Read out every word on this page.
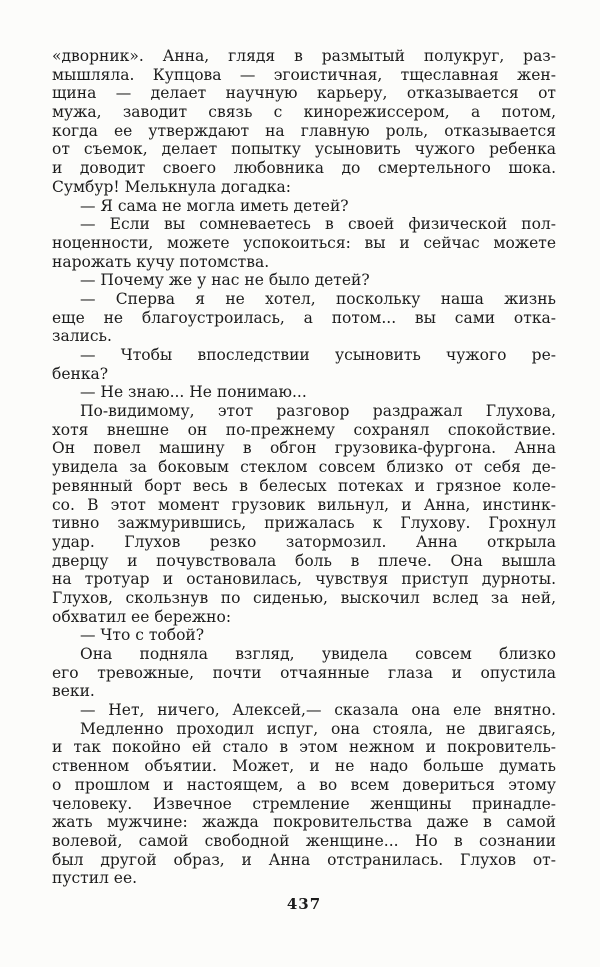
«дворник». Анна, глядя в размытый полукруг, раз-
мышляла. Купцова — эгоистичная, тщеславная жен-
щина — делает научную карьеру, отказывается от
мужа, заводит связь с кинорежиссером, а потом,
когда ее утверждают на главную роль, отказывается
от съемок, делает попытку усыновить чужого ребенка
и доводит своего любовника до смертельного шока.
Сумбур! Мелькнула догадка:
— Я сама не могла иметь детей?
— Если вы сомневаетесь в своей физической пол-
ноценности, можете успокоиться: вы и сейчас можете
нарожать кучу потомства.
— Почему же у нас не было детей?
— Сперва я не хотел, поскольку наша жизнь
еще не благоустроилась, а потом... вы сами отка-
зались.
— Чтобы впоследствии усыновить чужого ре-
бенка?
— Не знаю... Не понимаю...
По-видимому, этот разговор раздражал Глухова,
хотя внешне он по-прежнему сохранял спокойствие.
Он повел машину в обгон грузовика-фургона. Анна
увидела за боковым стеклом совсем близко от себя де-
ревянный борт весь в белесых потеках и грязное коле-
со. В этот момент грузовик вильнул, и Анна, инстинк-
тивно зажмурившись, прижалась к Глухову. Грохнул
удар. Глухов резко затормозил. Анна открыла
дверцу и почувствовала боль в плече. Она вышла
на тротуар и остановилась, чувствуя приступ дурноты.
Глухов, скользнув по сиденью, выскочил вслед за ней,
обхватил ее бережно:
— Что с тобой?
Она подняла взгляд, увидела совсем близко
его тревожные, почти отчаянные глаза и опустила
веки.
— Нет, ничего, Алексей,— сказала она еле внятно.
Медленно проходил испуг, она стояла, не двигаясь,
и так покойно ей стало в этом нежном и покровитель-
ственном объятии. Может, и не надо больше думать
о прошлом и настоящем, а во всем довериться этому
человеку. Извечное стремление женщины принадле-
жать мужчине: жажда покровительства даже в самой
волевой, самой свободной женщине... Но в сознании
был другой образ, и Анна отстранилась. Глухов от-
пустил ее.
437
